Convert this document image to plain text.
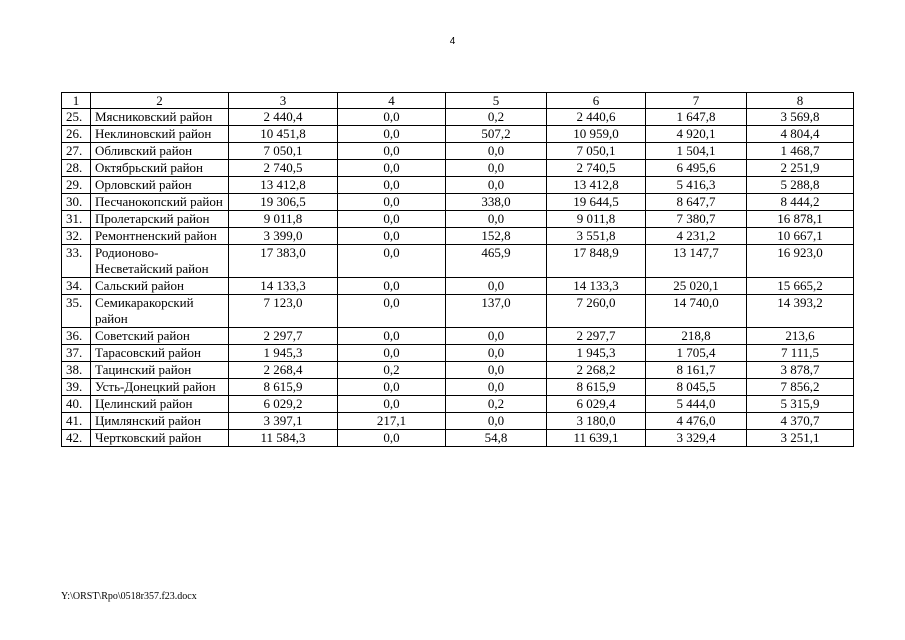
4
1	2	3	4	5	6	7	8
25.	Мясниковский район	2 440,4	0,0	0,2	2 440,6	1 647,8	3 569,8
26.	Неклиновский район	10 451,8	0,0	507,2	10 959,0	4 920,1	4 804,4
27.	Обливский район	7 050,1	0,0	0,0	7 050,1	1 504,1	1 468,7
28.	Октябрьский район	2 740,5	0,0	0,0	2 740,5	6 495,6	2 251,9
29.	Орловский район	13 412,8	0,0	0,0	13 412,8	5 416,3	5 288,8
30.	Песчанокопский район	19 306,5	0,0	338,0	19 644,5	8 647,7	8 444,2
31.	Пролетарский район	9 011,8	0,0	0,0	9 011,8	7 380,7	16 878,1
32.	Ремонтненский район	3 399,0	0,0	152,8	3 551,8	4 231,2	10 667,1
33.	Родионово-Несветайский район	17 383,0	0,0	465,9	17 848,9	13 147,7	16 923,0
34.	Сальский район	14 133,3	0,0	0,0	14 133,3	25 020,1	15 665,2
35.	Семикаракорский район	7 123,0	0,0	137,0	7 260,0	14 740,0	14 393,2
36.	Советский район	2 297,7	0,0	0,0	2 297,7	218,8	213,6
37.	Тарасовский район	1 945,3	0,0	0,0	1 945,3	1 705,4	7 111,5
38.	Тацинский район	2 268,4	0,2	0,0	2 268,2	8 161,7	3 878,7
39.	Усть-Донецкий район	8 615,9	0,0	0,0	8 615,9	8 045,5	7 856,2
40.	Целинский район	6 029,2	0,0	0,2	6 029,4	5 444,0	5 315,9
41.	Цимлянский район	3 397,1	217,1	0,0	3 180,0	4 476,0	4 370,7
42.	Чертковский район	11 584,3	0,0	54,8	11 639,1	3 329,4	3 251,1
Y:\ORST\Rpo\0518r357.f23.docx
